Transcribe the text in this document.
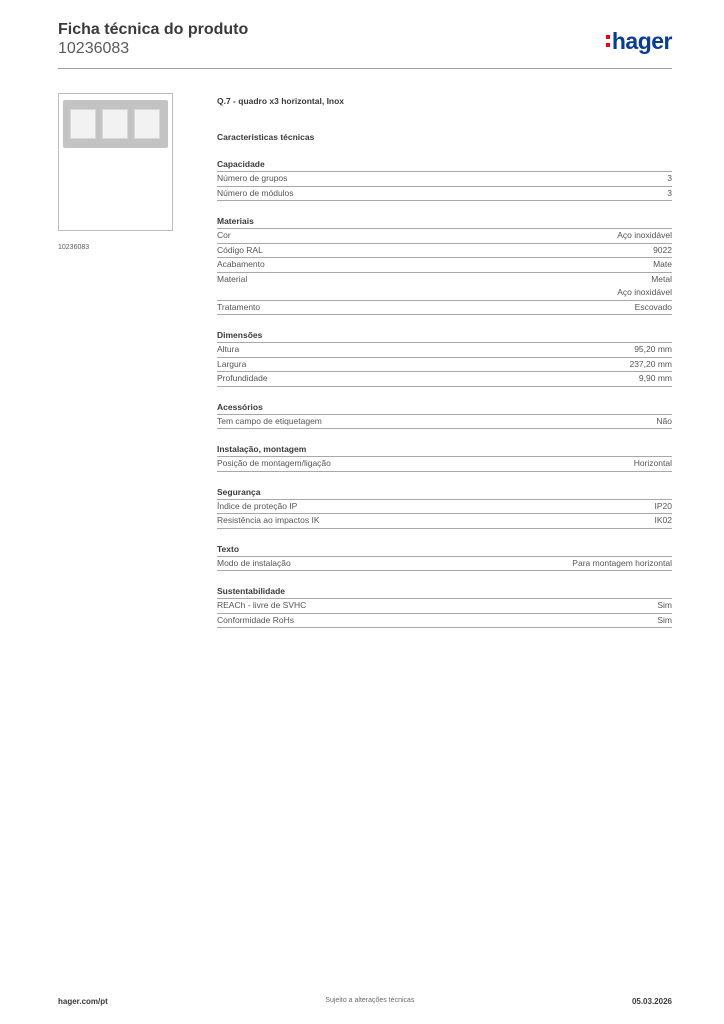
Ficha técnica do produto

10236083	hager
10236083

Q.7 - quadro x3 horizontal, Inox

Características técnicas
Capacidade
Número de grupos	3
Número de módulos	3
Materiais
Cor	Aço inoxidável
Código RAL	9022
Acabamento	Mate
Material	Metal
Aço inoxidável
Tratamento	Escovado
Dimensões
Altura	95,20 mm
Largura	237,20 mm
Profundidade	9,90 mm
Acessórios
Tem campo de etiquetagem	Não
Instalação, montagem
Posição de montagem/ligação	Horizontal
Segurança
Índice de proteção IP	IP20
Resistência ao impactos IK	IK02
Texto
Modo de instalação	Para montagem horizontal
Sustentabilidade
REACh - livre de SVHC	Sim
Conformidade RoHs	Sim
hager.com/pt	Sujeito a alterações técnicas	05.03.2026
